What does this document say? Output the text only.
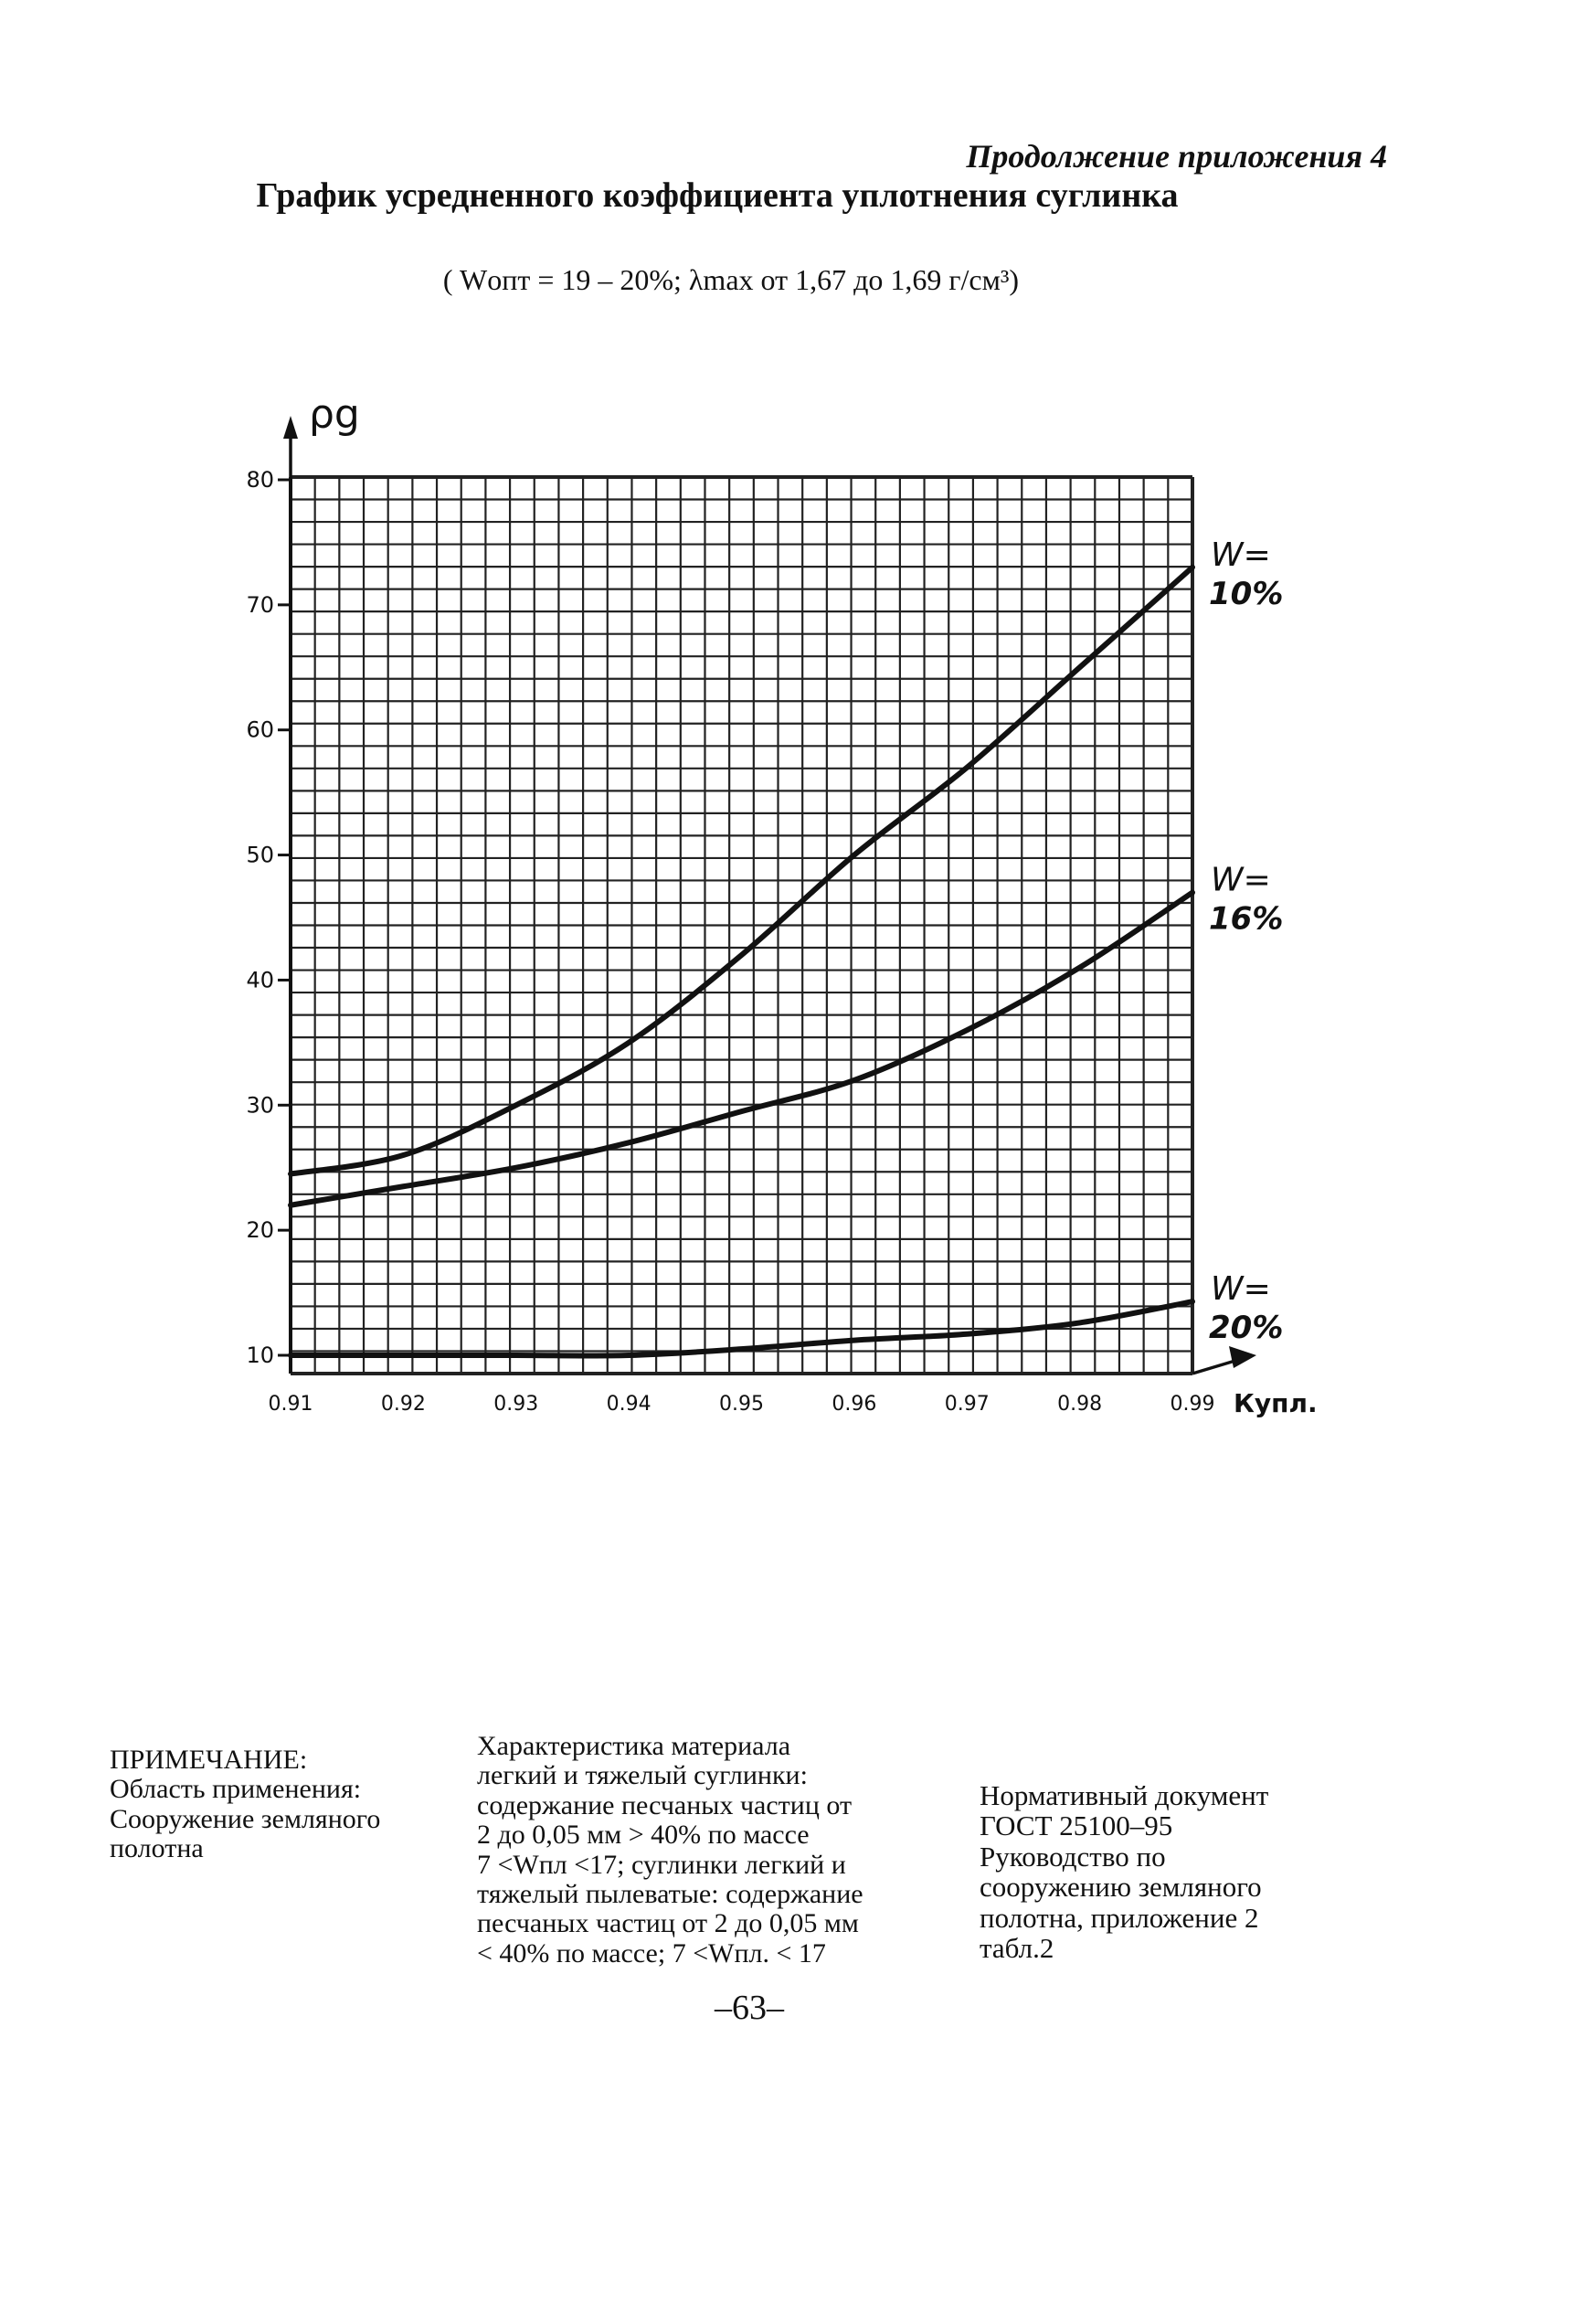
Продолжение приложения 4
График усредненного коэффициента уплотнения суглинка
( Wопт = 19 – 20%; λmax от 1,67 до 1,69 г/см³)
ρg
10
20
30
40
50
60
70
80
0.91	0.92	0.93	0.94	0.95	0.96	0.97	0.98	0.99 Купл.
W=
10%
W=
16%
W=
20%
ПРИМЕЧАНИЕ:
Область применения:
Сооружение земляного
полотна
Характеристика материала
легкий и тяжелый суглинки:
содержание песчаных частиц от
2 до 0,05 мм > 40% по массе
7 <Wпл <17; суглинки легкий и
тяжелый пылеватые: содержание
песчаных частиц от 2 до 0,05 мм
< 40% по массе; 7 <Wпл. < 17
Нормативный документ
ГОСТ 25100–95
Руководство по
сооружению земляного
полотна, приложение 2
табл.2
–63–
